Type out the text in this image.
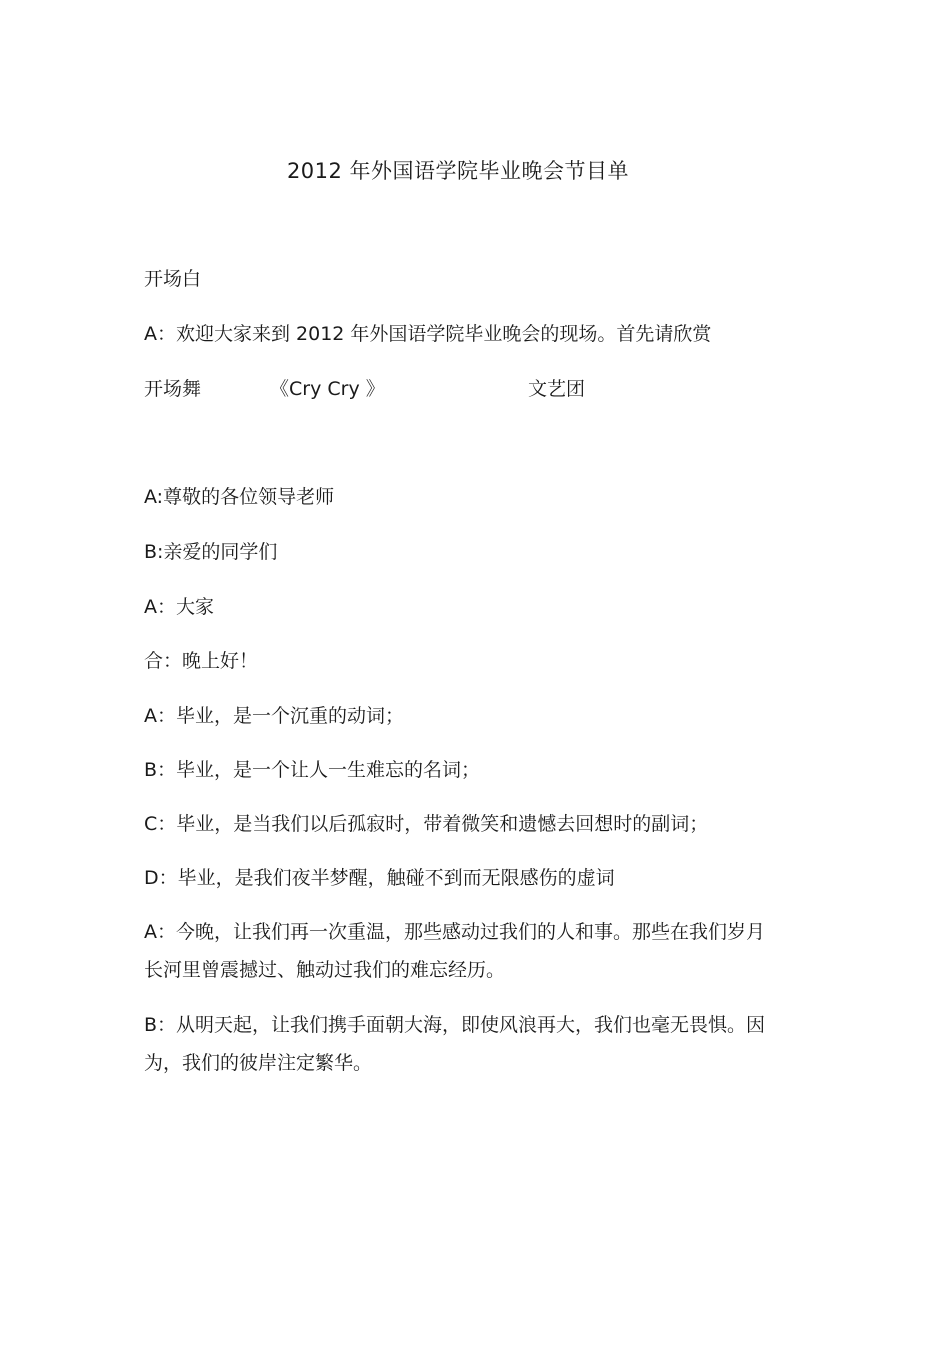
2012 年外国语学院毕业晚会节目单
开场白
A：欢迎大家来到 2012 年外国语学院毕业晚会的现场。首先请欣赏
开场舞	《Cry Cry 》	文艺团
A:尊敬的各位领导老师
B:亲爱的同学们
A：大家
合：晚上好！
A：毕业，是一个沉重的动词；
B：毕业，是一个让人一生难忘的名词；
C：毕业，是当我们以后孤寂时，带着微笑和遗憾去回想时的副词；
D：毕业，是我们夜半梦醒，触碰不到而无限感伤的虚词
A：今晚，让我们再一次重温，那些感动过我们的人和事。那些在我们岁月长河里曾震撼过、触动过我们的难忘经历。
B：从明天起，让我们携手面朝大海，即使风浪再大，我们也毫无畏惧。因为，我们的彼岸注定繁华。
